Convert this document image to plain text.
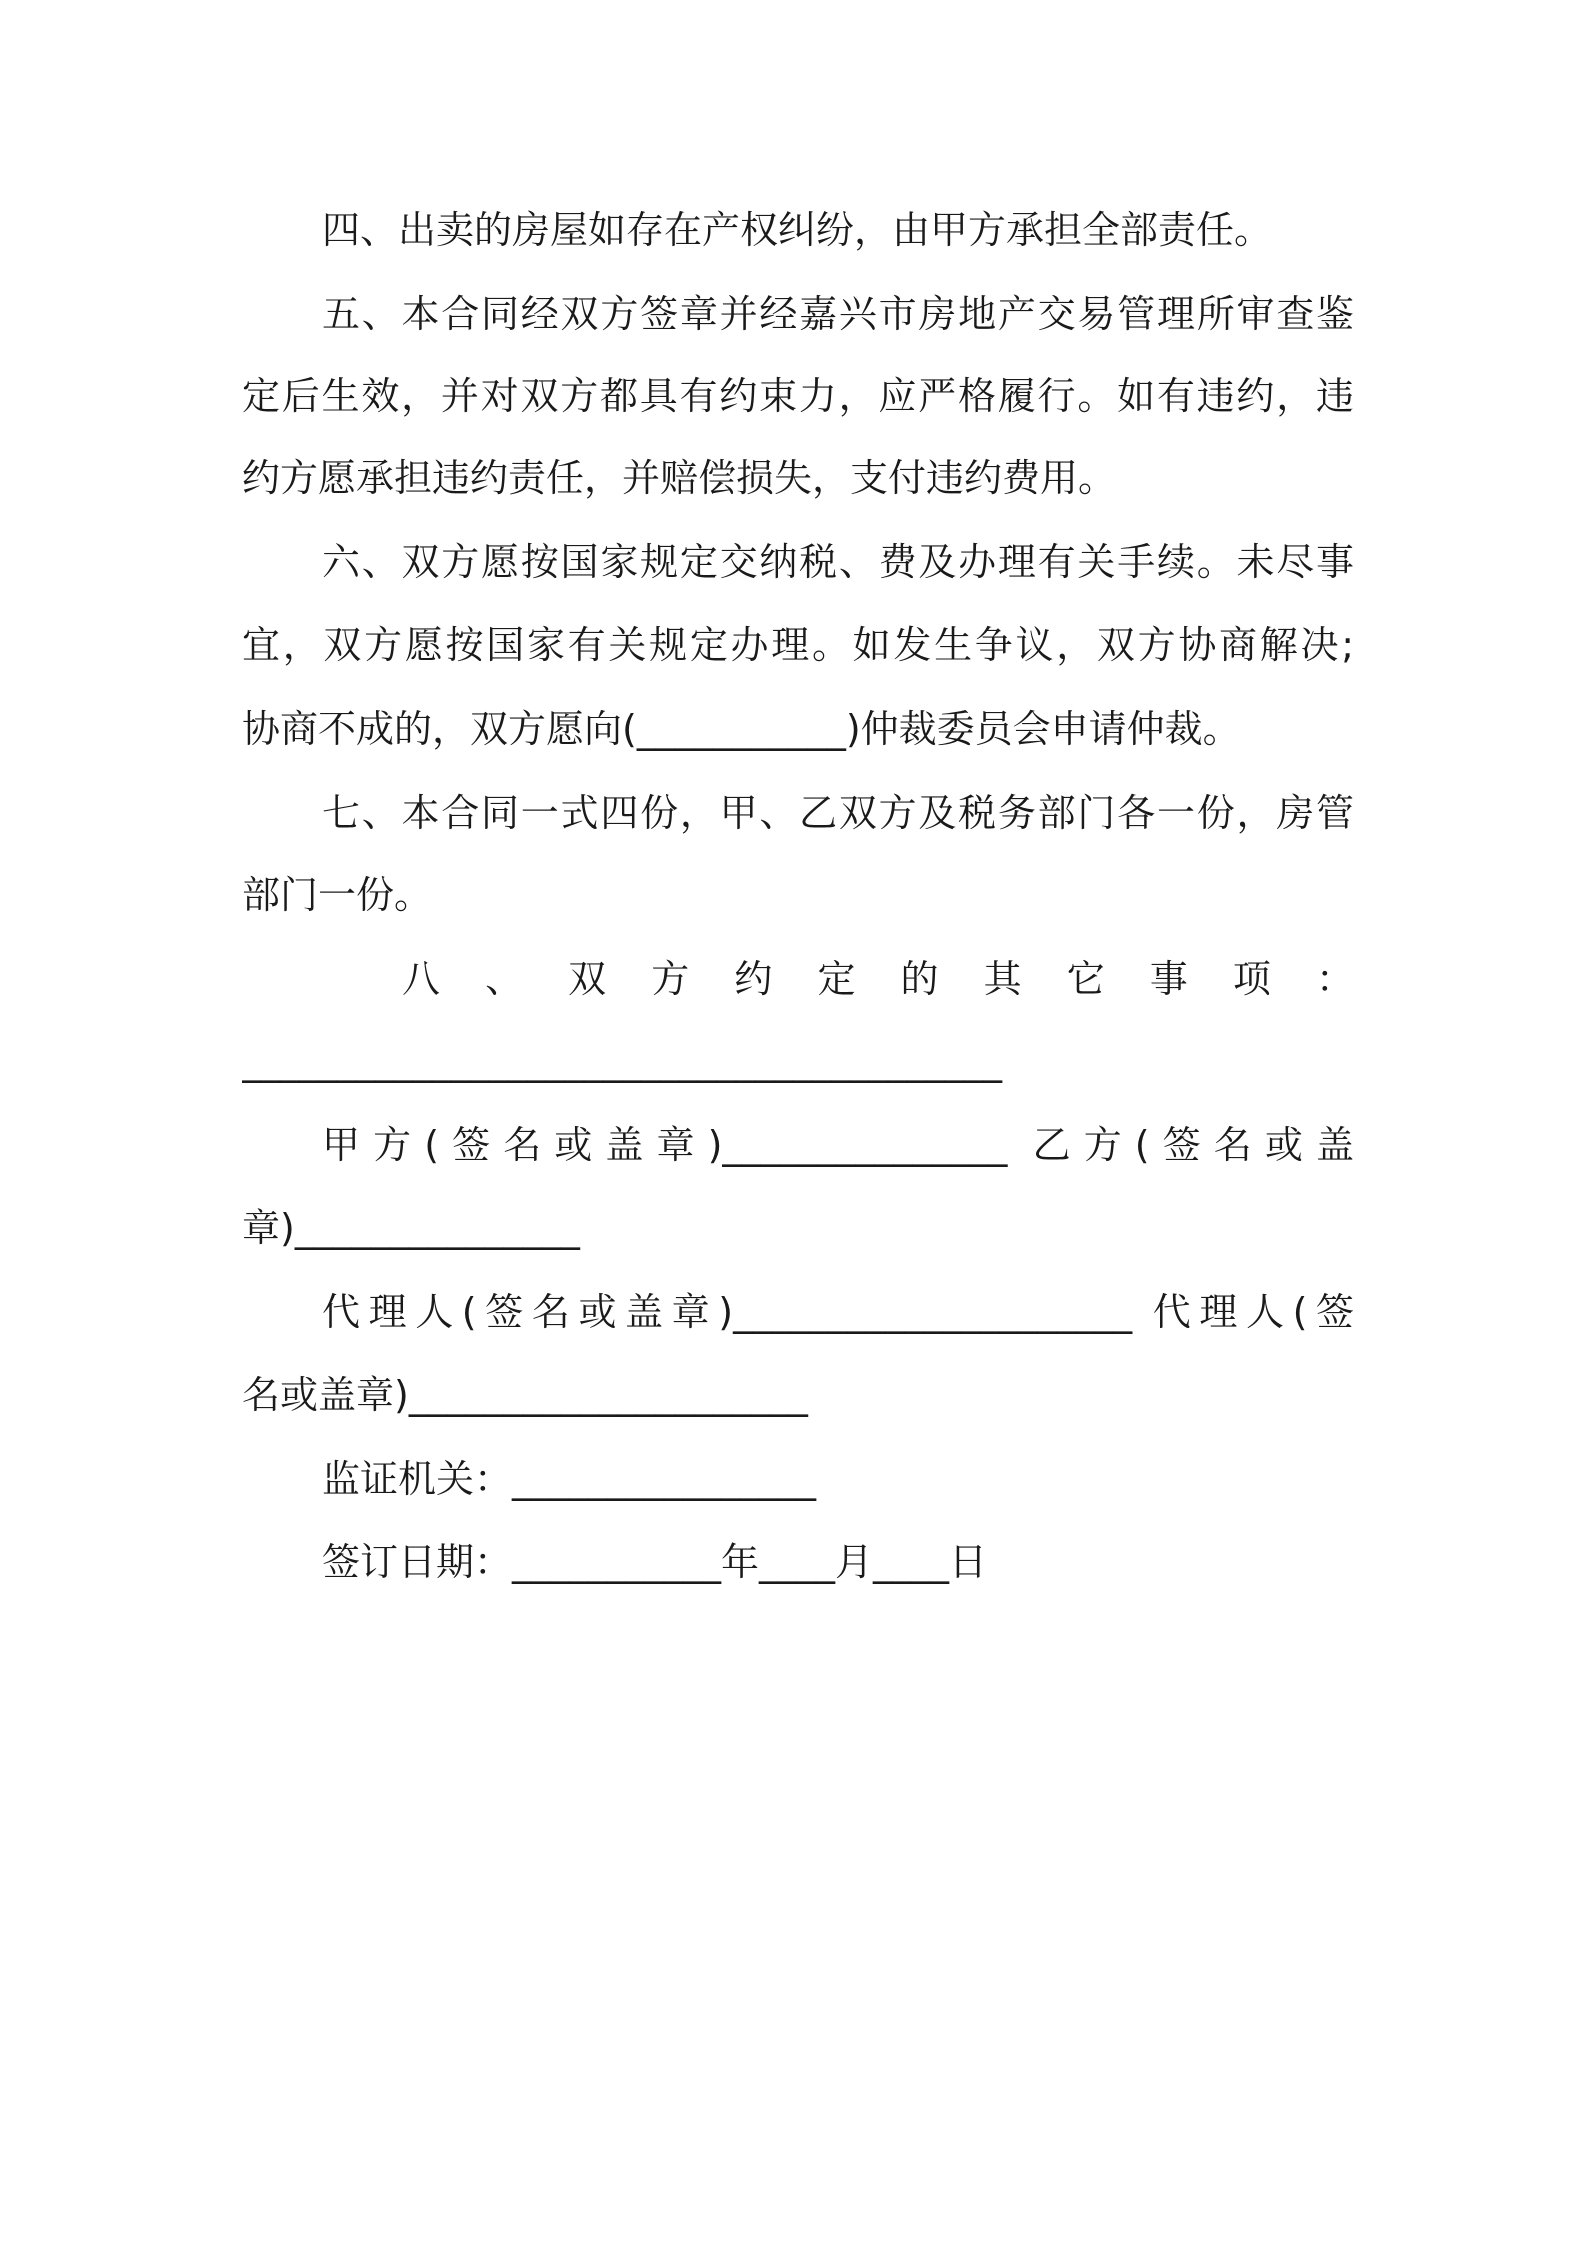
四、出卖的房屋如存在产权纠纷，由甲方承担全部责任。
五、本合同经双方签章并经嘉兴市房地产交易管理所审查鉴
定后生效，并对双方都具有约束力，应严格履行。如有违约，违
约方愿承担违约责任，并赔偿损失，支付违约费用。
六、双方愿按国家规定交纳税、费及办理有关手续。未尽事
宜，双方愿按国家有关规定办理。如发生争议，双方协商解决;
协商不成的，双方愿向(___________)仲裁委员会申请仲裁。
七、本合同一式四份，甲、乙双方及税务部门各一份，房管
部门一份。
八、双方约定的其它事项：
________________________________________
甲方(签名或盖章)_______________ 乙方(签名或盖
章)_______________
代理人(签名或盖章)_____________________ 代理人(签
名或盖章)_____________________
监证机关：________________
签订日期：___________年____月____日
